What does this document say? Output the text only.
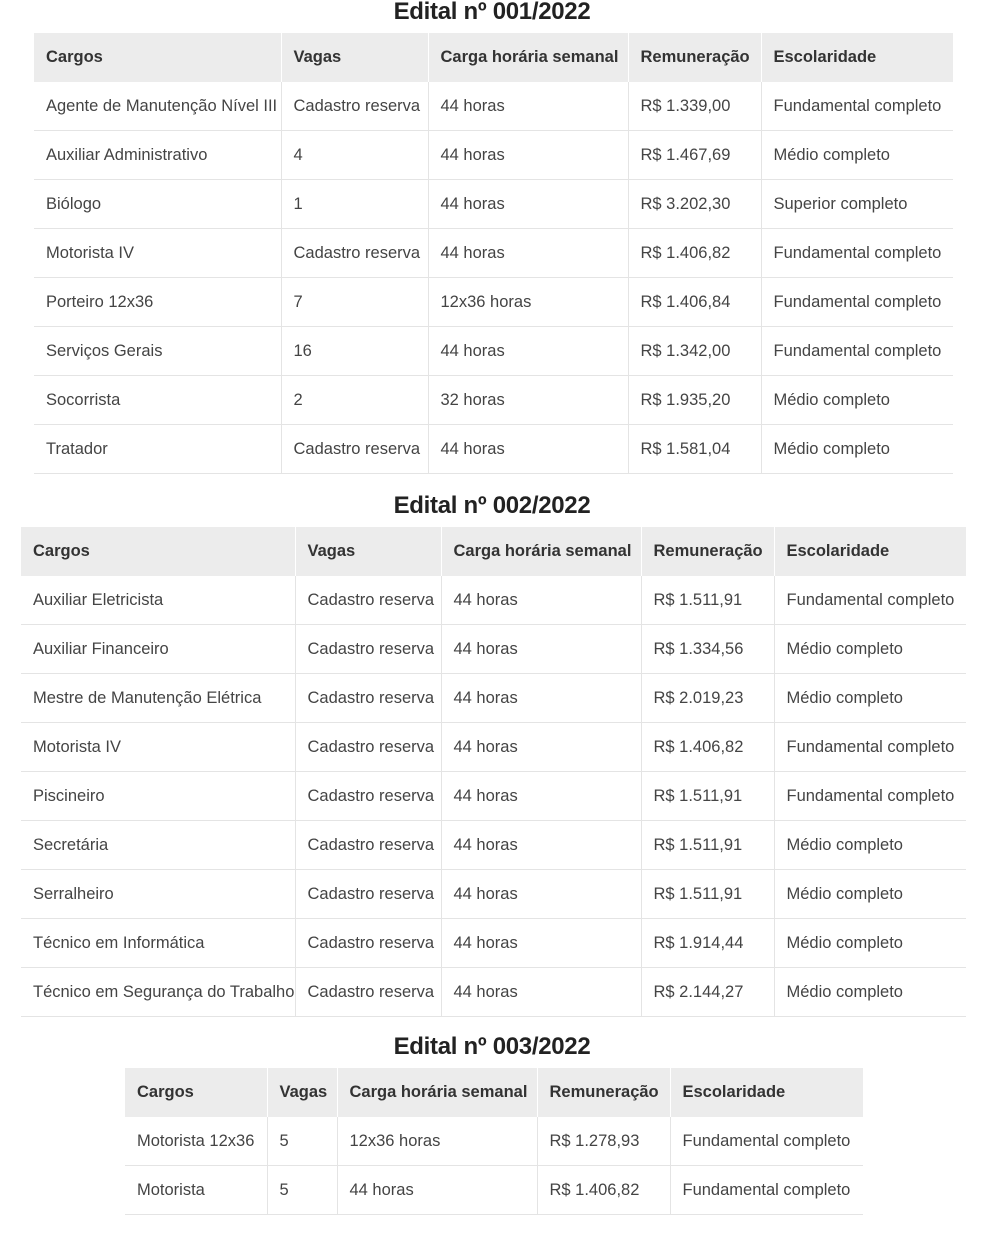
Edital nº 001/2022
Cargos	Vagas	Carga horária semanal	Remuneração	Escolaridade
Agente de Manutenção Nível III	Cadastro reserva	44 horas	R$ 1.339,00	Fundamental completo
Auxiliar Administrativo	4	44 horas	R$ 1.467,69	Médio completo
Biólogo	1	44 horas	R$ 3.202,30	Superior completo
Motorista IV	Cadastro reserva	44 horas	R$ 1.406,82	Fundamental completo
Porteiro 12x36	7	12x36 horas	R$ 1.406,84	Fundamental completo
Serviços Gerais	16	44 horas	R$ 1.342,00	Fundamental completo
Socorrista	2	32 horas	R$ 1.935,20	Médio completo
Tratador	Cadastro reserva	44 horas	R$ 1.581,04	Médio completo
Edital nº 002/2022
Cargos	Vagas	Carga horária semanal	Remuneração	Escolaridade
Auxiliar Eletricista	Cadastro reserva	44 horas	R$ 1.511,91	Fundamental completo
Auxiliar Financeiro	Cadastro reserva	44 horas	R$ 1.334,56	Médio completo
Mestre de Manutenção Elétrica	Cadastro reserva	44 horas	R$ 2.019,23	Médio completo
Motorista IV	Cadastro reserva	44 horas	R$ 1.406,82	Fundamental completo
Piscineiro	Cadastro reserva	44 horas	R$ 1.511,91	Fundamental completo
Secretária	Cadastro reserva	44 horas	R$ 1.511,91	Médio completo
Serralheiro	Cadastro reserva	44 horas	R$ 1.511,91	Médio completo
Técnico em Informática	Cadastro reserva	44 horas	R$ 1.914,44	Médio completo
Técnico em Segurança do Trabalho	Cadastro reserva	44 horas	R$ 2.144,27	Médio completo
Edital nº 003/2022
Cargos	Vagas	Carga horária semanal	Remuneração	Escolaridade
Motorista 12x36	5	12x36 horas	R$ 1.278,93	Fundamental completo
Motorista	5	44 horas	R$ 1.406,82	Fundamental completo
